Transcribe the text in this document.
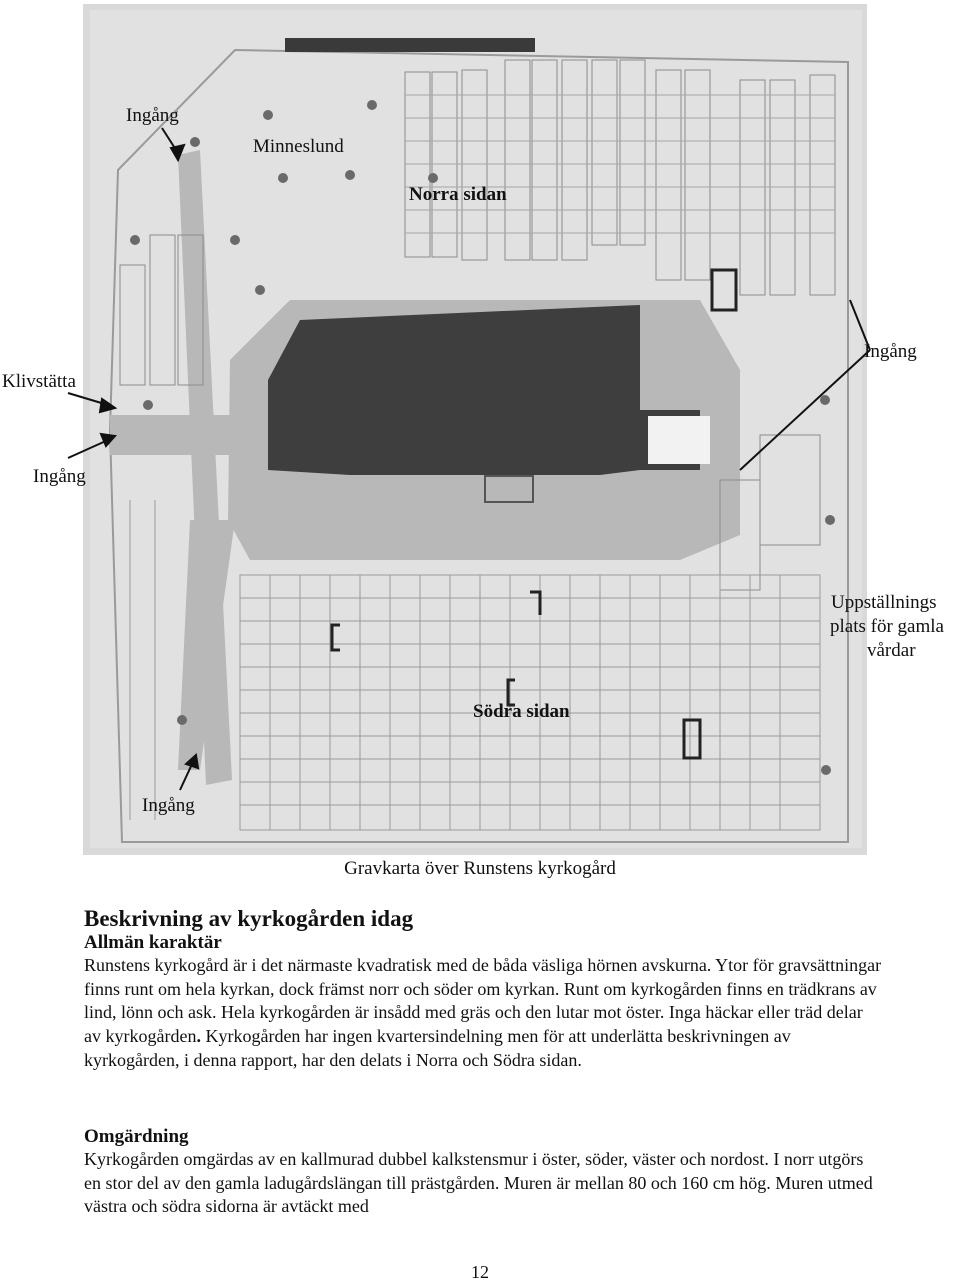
Ingång
Minneslund
Norra sidan
Ingång
Klivstätta
Ingång
Uppställnings
plats för gamla
vårdar
Södra sidan
Ingång
Gravkarta över Runstens kyrkogård
Beskrivning av kyrkogården idag
Allmän karaktär

Runstens kyrkogård är i det närmaste kvadratisk med de båda väsliga hörnen avskurna. Ytor för gravsättningar finns runt om hela kyrkan, dock främst norr och söder om kyrkan. Runt om kyrkogården finns en trädkrans av lind, lönn och ask. Hela kyrkogården är insådd med gräs och den lutar mot öster. Inga häckar eller träd delar av kyrkogården. Kyrkogården har ingen kvartersindelning men för att underlätta beskrivningen av kyrkogården, i denna rapport, har den delats i Norra och Södra sidan.

Omgärdning

Kyrkogården omgärdas av en kallmurad dubbel kalkstensmur i öster, söder, väster och nordost. I norr utgörs en stor del av den gamla ladugårdslängan till prästgården. Muren är mellan 80 och 160 cm hög. Muren utmed västra och södra sidorna är avtäckt med

12
